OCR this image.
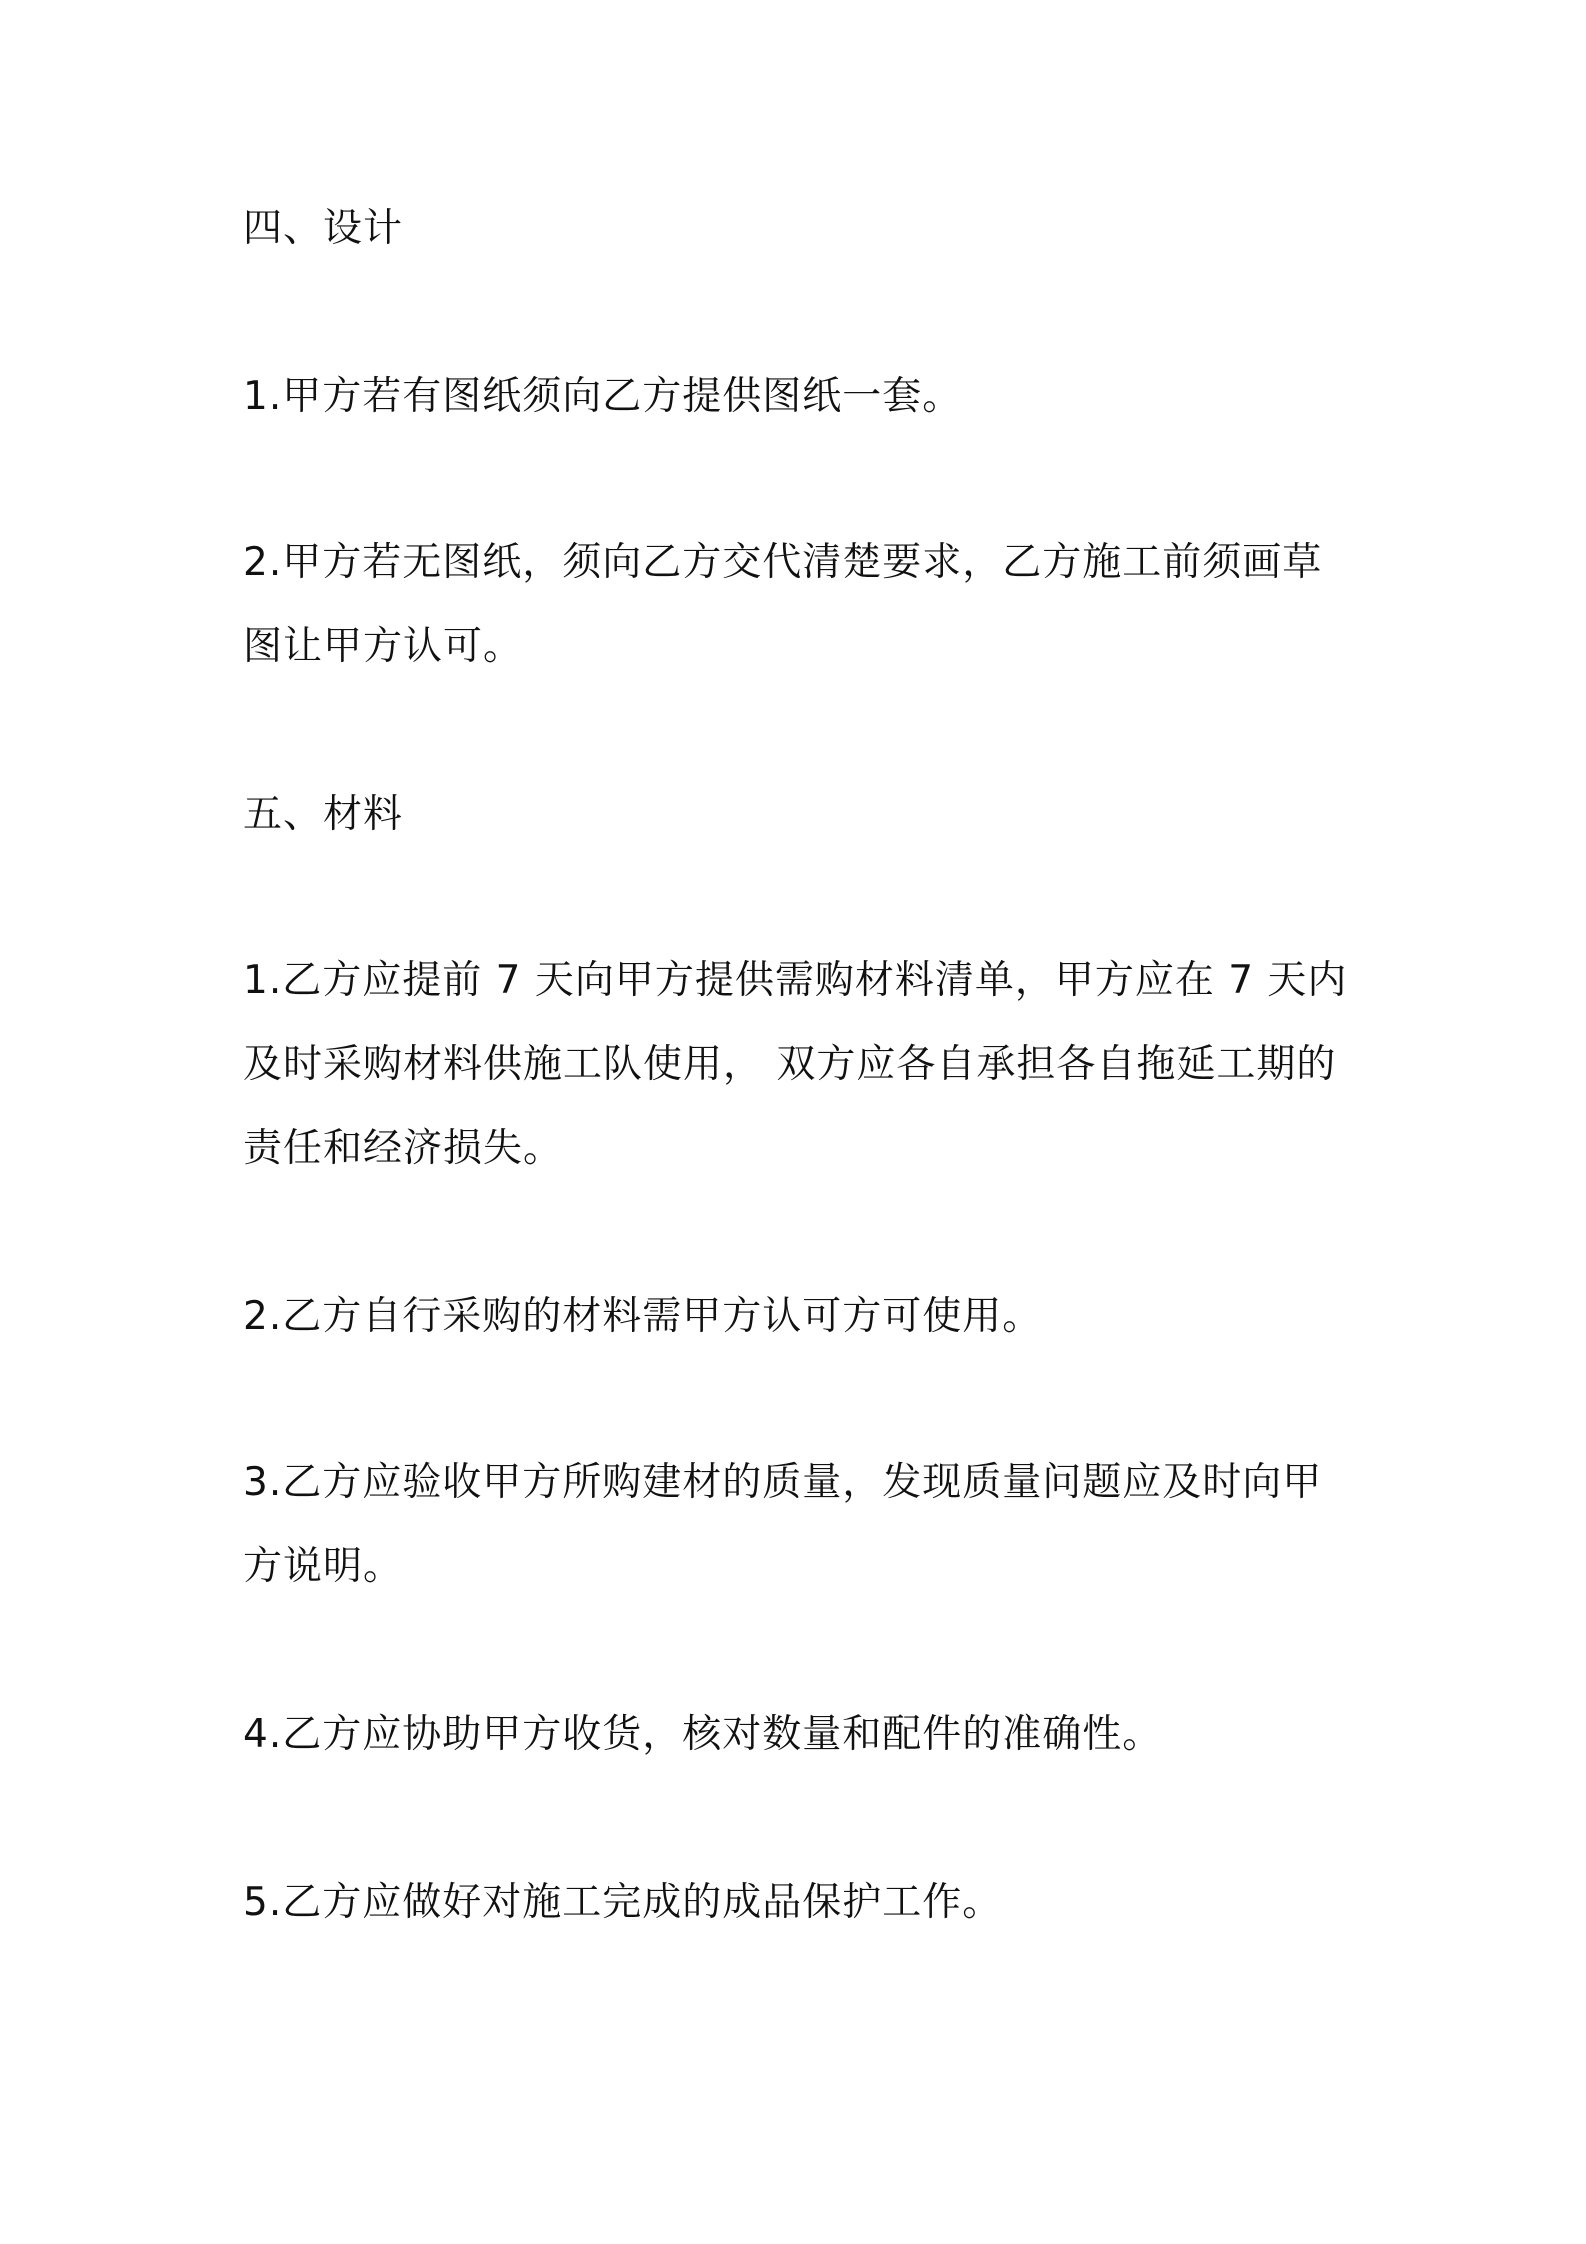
四、设计
1.甲方若有图纸须向乙方提供图纸一套。
2.甲方若无图纸，须向乙方交代清楚要求，乙方施工前须画草图让甲方认可。
五、材料
1.乙方应提前 7 天向甲方提供需购材料清单，甲方应在 7 天内及时采购材料供施工队使用， 双方应各自承担各自拖延工期的责任和经济损失。
2.乙方自行采购的材料需甲方认可方可使用。
3.乙方应验收甲方所购建材的质量，发现质量问题应及时向甲方说明。
4.乙方应协助甲方收货，核对数量和配件的准确性。
5.乙方应做好对施工完成的成品保护工作。
